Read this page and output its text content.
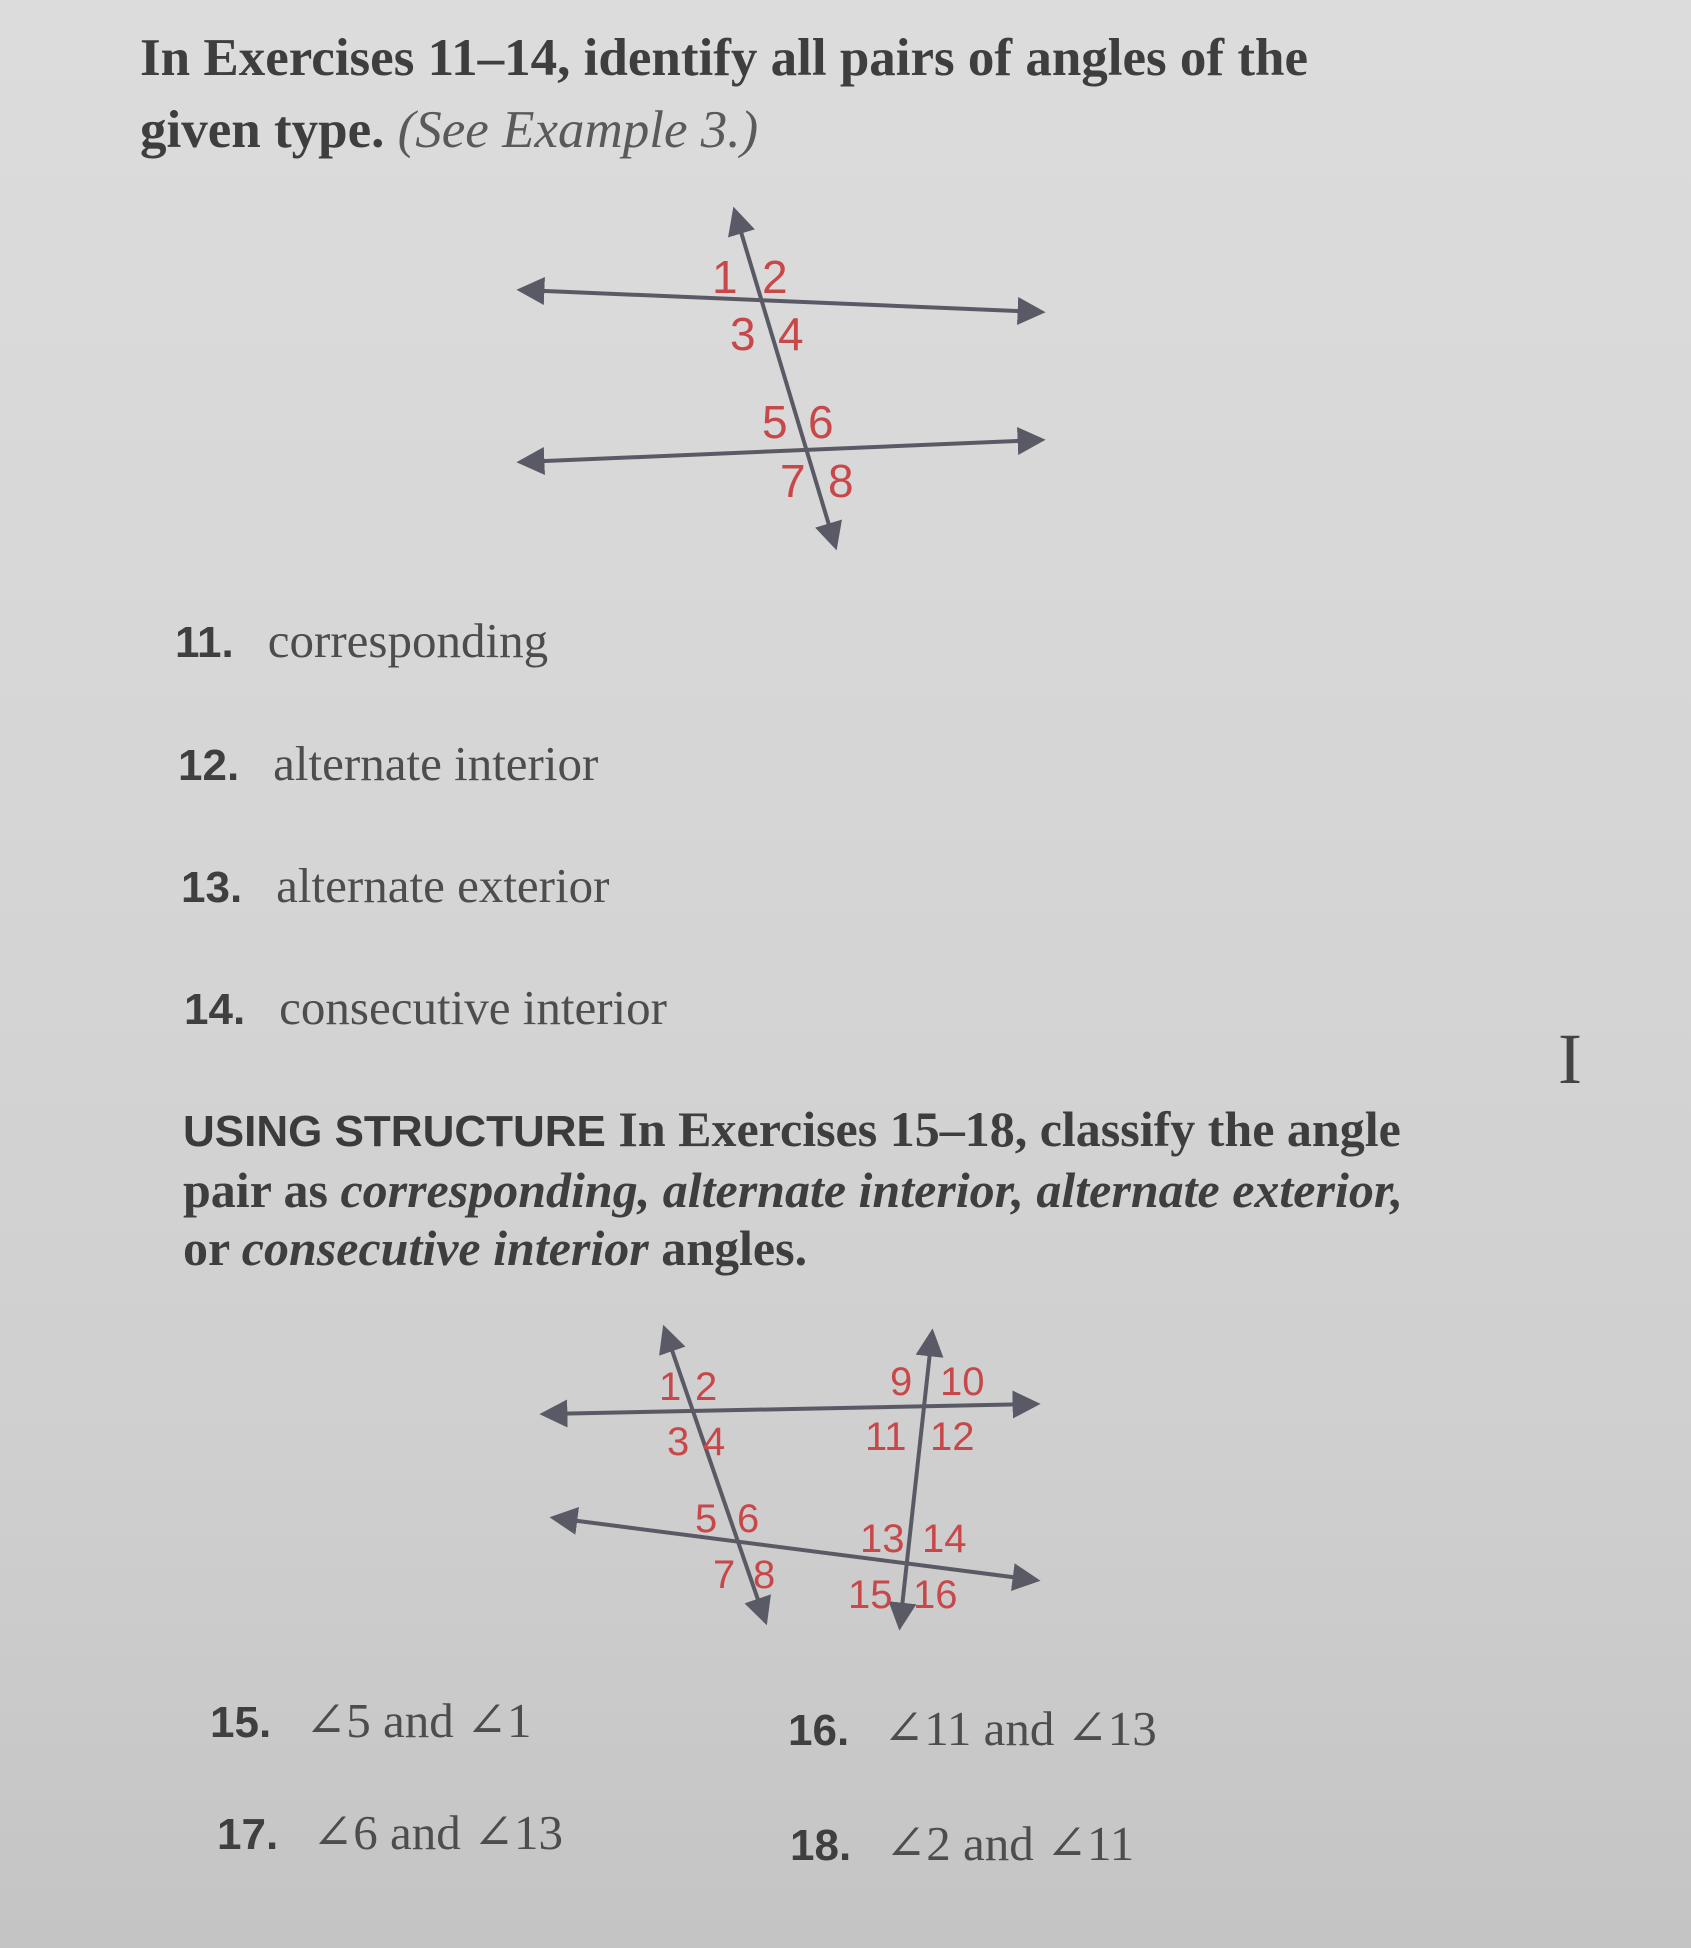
In Exercises 11–14, identify all pairs of angles of the given type. (See Example 3.)
1 2
3 4
5 6
7 8
11. corresponding
12. alternate interior
13. alternate exterior
14. consecutive interior
USING STRUCTURE In Exercises 15–18, classify the angle pair as corresponding, alternate interior, alternate exterior, or consecutive interior angles.
1 2
3 4
5 6
7 8
9 10
11 12
13 14
15 16
15. ∠5 and ∠1	16. ∠11 and ∠13
17. ∠6 and ∠13	18. ∠2 and ∠11
I
